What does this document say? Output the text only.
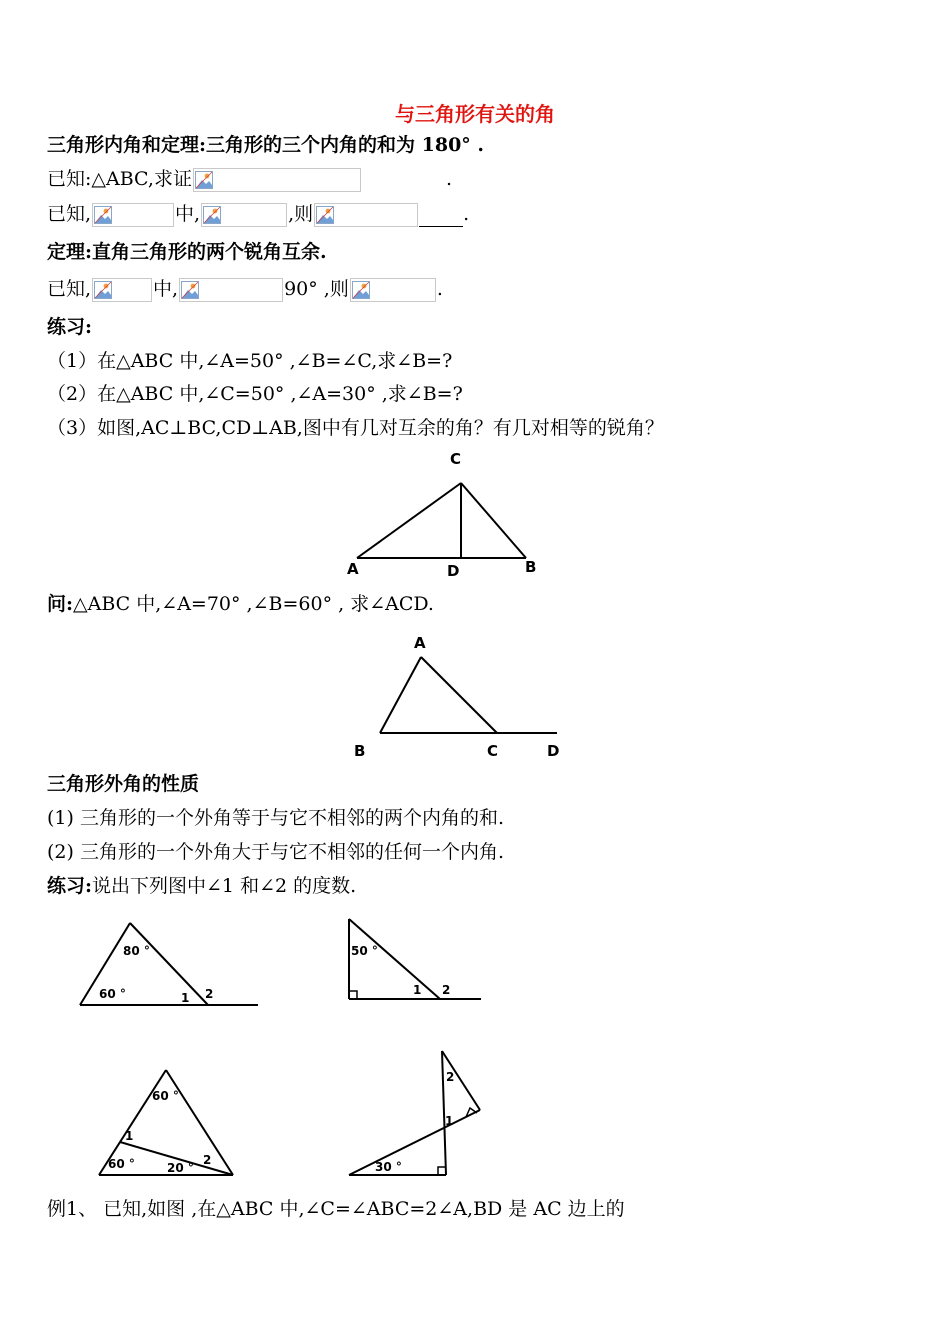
与三角形有关的角
三角形内角和定理:三角形的三个内角的和为 180° .
已知:△ABC,求证	.
已知,	中,	,则	.
定理:直角三角形的两个锐角互余.
已知,	中,	90° ,则	.
练习:
（1）在△ABC 中,∠A=50° ,∠B=∠C,求∠B=?
（2）在△ABC 中,∠C=50° ,∠A=30° ,求∠B=?
（3）如图,AC⊥BC,CD⊥AB,图中有几对互余的角？有几对相等的锐角？
C
A	D	B
问:△ABC 中,∠A=70° ,∠B=60° , 求∠ACD.
A
B	C	D
三角形外角的性质
(1) 三角形的一个外角等于与它不相邻的两个内角的和.
(2) 三角形的一个外角大于与它不相邻的任何一个内角.
练习:说出下列图中∠1 和∠2 的度数.
80 °
60 °	1 2
50 °
1 2
60 °
1
60 °	20 °
2
2
1
30 °
例1、 已知,如图 ,在△ABC 中,∠C=∠ABC=2∠A,BD 是 AC 边上的
